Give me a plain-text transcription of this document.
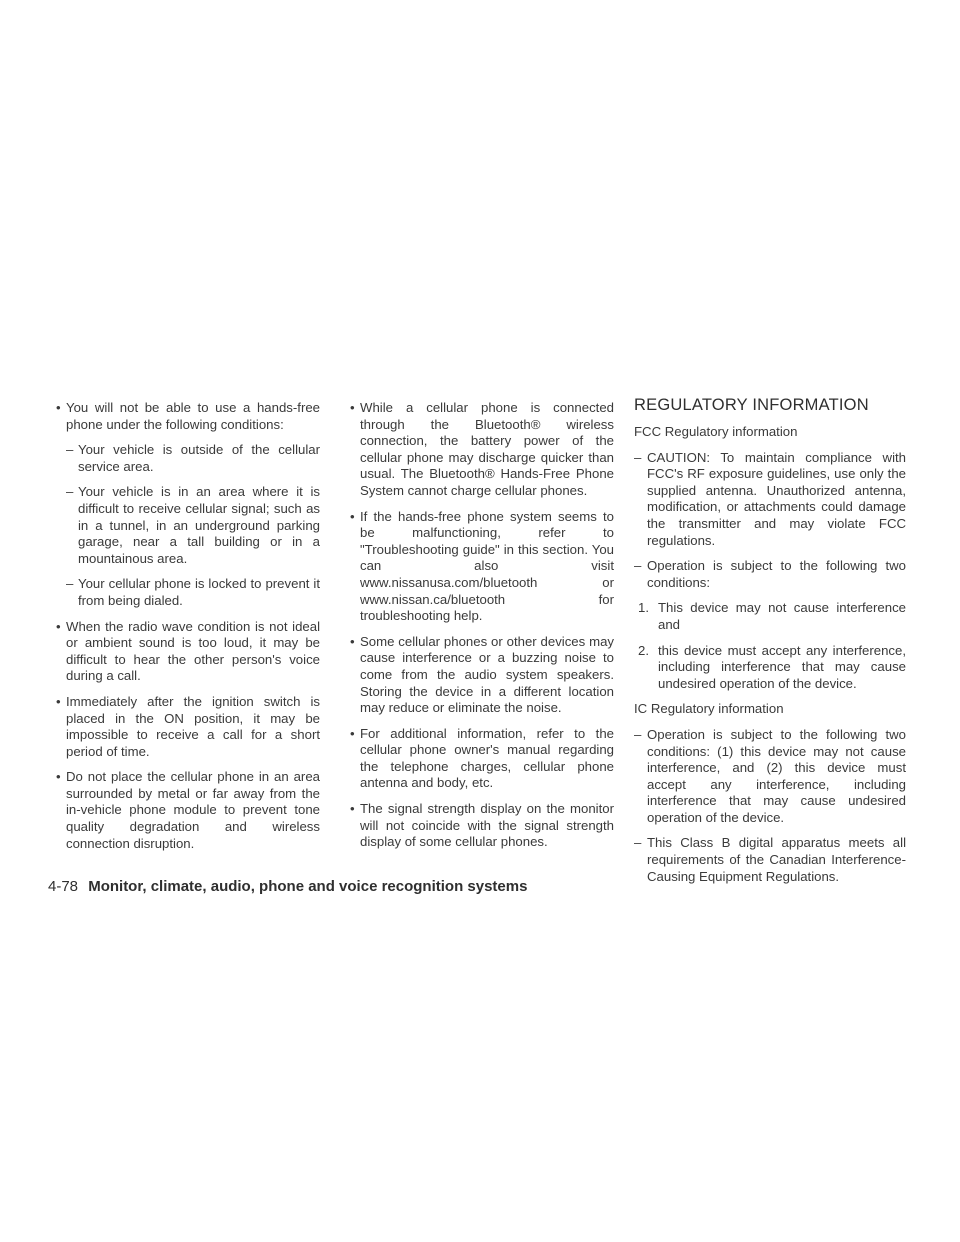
• You will not be able to use a hands-free phone under the following conditions:
– Your vehicle is outside of the cellular service area.
– Your vehicle is in an area where it is difficult to receive cellular signal; such as in a tunnel, in an underground parking garage, near a tall building or in a mountainous area.
– Your cellular phone is locked to prevent it from being dialed.
• When the radio wave condition is not ideal or ambient sound is too loud, it may be difficult to hear the other person's voice during a call.
• Immediately after the ignition switch is placed in the ON position, it may be impossible to receive a call for a short period of time.
• Do not place the cellular phone in an area surrounded by metal or far away from the in-vehicle phone module to prevent tone quality degradation and wireless connection disruption.
• While a cellular phone is connected through the Bluetooth® wireless connection, the battery power of the cellular phone may discharge quicker than usual. The Bluetooth® Hands-Free Phone System cannot charge cellular phones.
• If the hands-free phone system seems to be malfunctioning, refer to "Troubleshooting guide" in this section. You can also visit www.nissanusa.com/bluetooth or www.nissan.ca/bluetooth for troubleshooting help.
• Some cellular phones or other devices may cause interference or a buzzing noise to come from the audio system speakers. Storing the device in a different location may reduce or eliminate the noise.
• For additional information, refer to the cellular phone owner's manual regarding the telephone charges, cellular phone antenna and body, etc.
• The signal strength display on the monitor will not coincide with the signal strength display of some cellular phones.
REGULATORY INFORMATION
FCC Regulatory information
– CAUTION: To maintain compliance with FCC's RF exposure guidelines, use only the supplied antenna. Unauthorized antenna, modification, or attachments could damage the transmitter and may violate FCC regulations.
– Operation is subject to the following two conditions:
1. This device may not cause interference and
2. this device must accept any interference, including interference that may cause undesired operation of the device.
IC Regulatory information
– Operation is subject to the following two conditions: (1) this device may not cause interference, and (2) this device must accept any interference, including interference that may cause undesired operation of the device.
– This Class B digital apparatus meets all requirements of the Canadian Interference-Causing Equipment Regulations.
4-78 Monitor, climate, audio, phone and voice recognition systems
